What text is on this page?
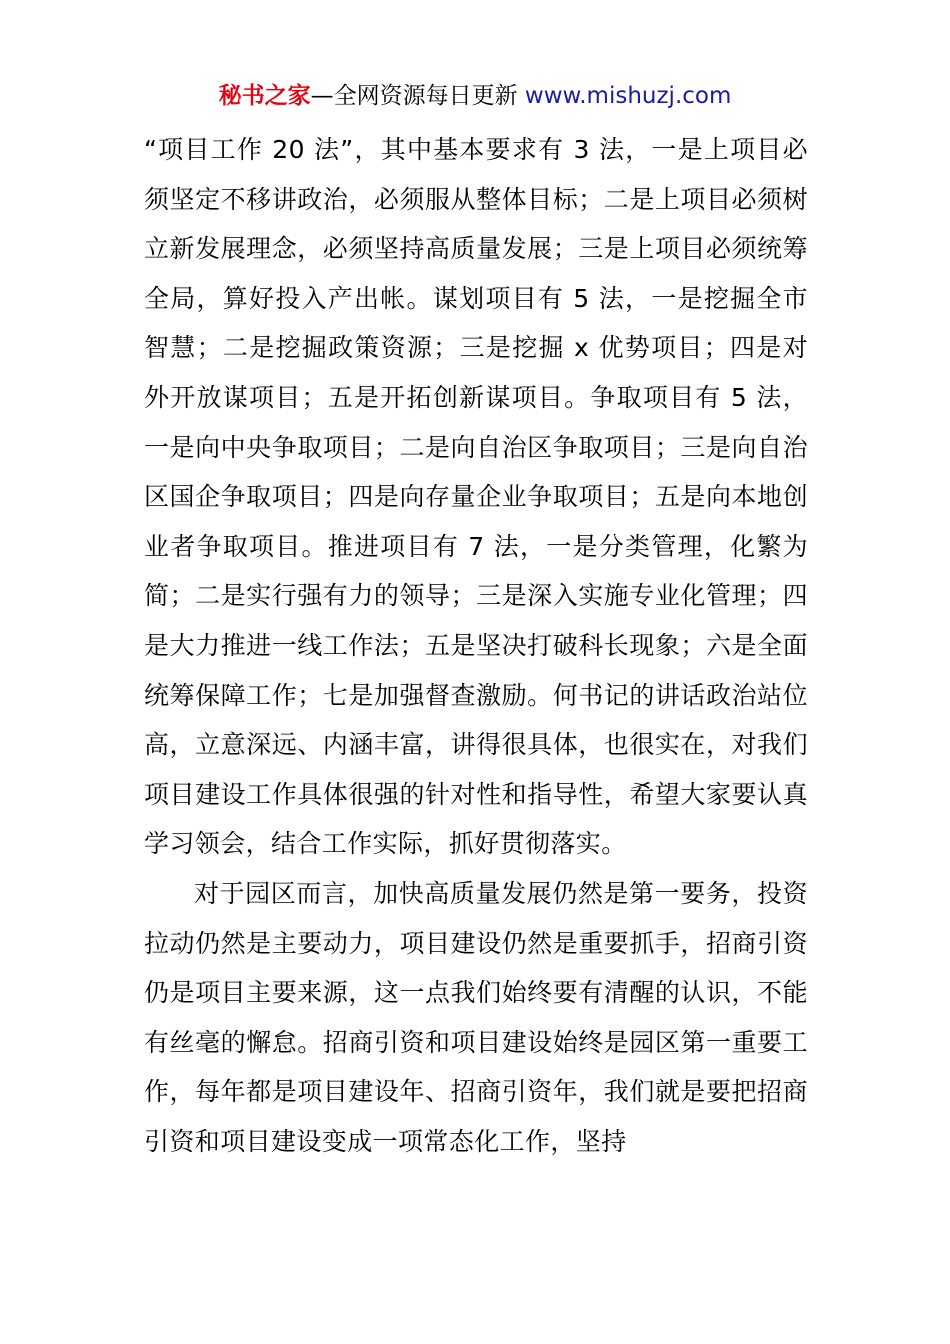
秘书之家—全网资源每日更新 www.mishuzj.com

“项目工作 20 法”，其中基本要求有 3 法，一是上项目必须坚定不移讲政治，必须服从整体目标；二是上项目必须树立新发展理念，必须坚持高质量发展；三是上项目必须统筹全局，算好投入产出帐。谋划项目有 5 法，一是挖掘全市智慧；二是挖掘政策资源；三是挖掘 x 优势项目；四是对外开放谋项目；五是开拓创新谋项目。争取项目有 5 法，一是向中央争取项目；二是向自治区争取项目；三是向自治区国企争取项目；四是向存量企业争取项目；五是向本地创业者争取项目。推进项目有 7 法，一是分类管理，化繁为简；二是实行强有力的领导；三是深入实施专业化管理；四是大力推进一线工作法；五是坚决打破科长现象；六是全面统筹保障工作；七是加强督查激励。何书记的讲话政治站位高，立意深远、内涵丰富，讲得很具体，也很实在，对我们项目建设工作具体很强的针对性和指导性，希望大家要认真学习领会，结合工作实际，抓好贯彻落实。

对于园区而言，加快高质量发展仍然是第一要务，投资拉动仍然是主要动力，项目建设仍然是重要抓手，招商引资仍是项目主要来源，这一点我们始终要有清醒的认识，不能有丝毫的懈怠。招商引资和项目建设始终是园区第一重要工作，每年都是项目建设年、招商引资年，我们就是要把招商引资和项目建设变成一项常态化工作，坚持
